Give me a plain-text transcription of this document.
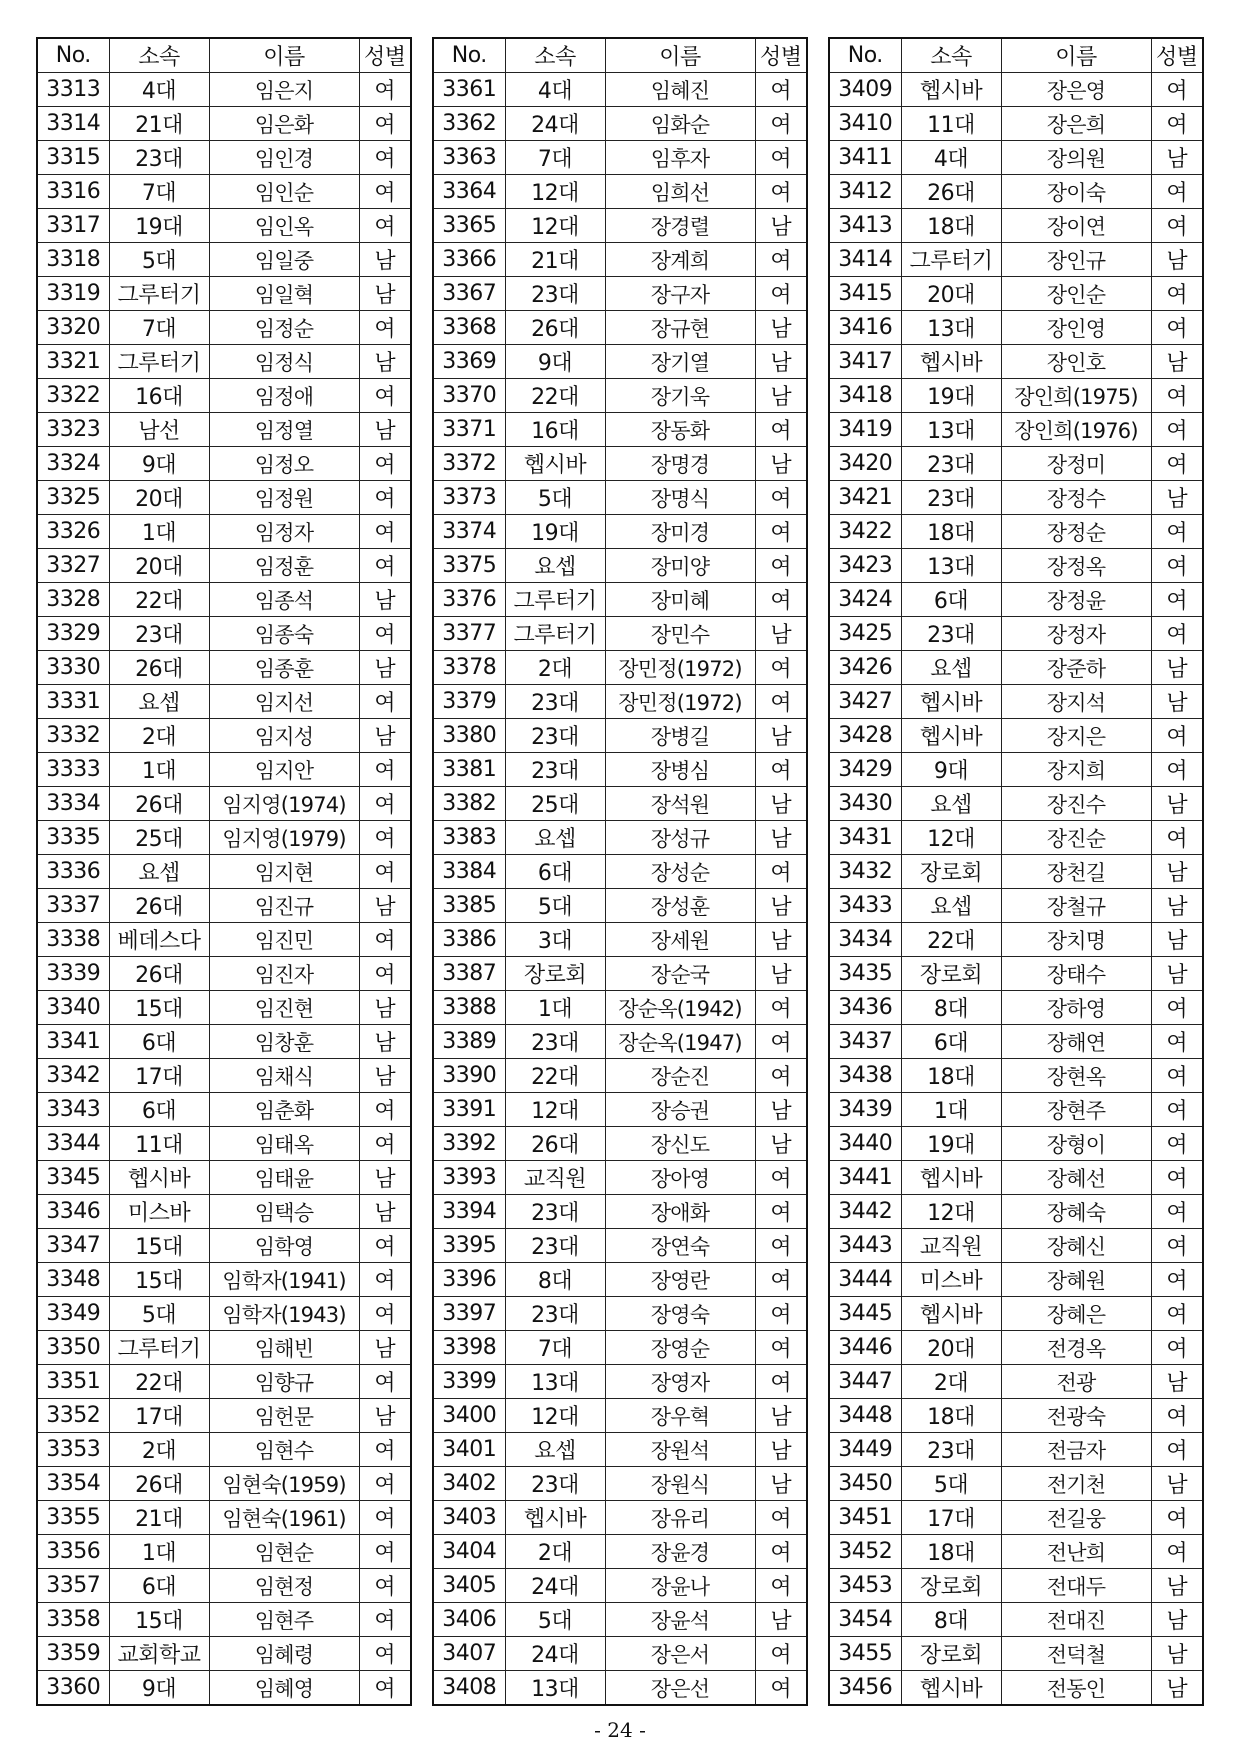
No.	소속	이름	성별
3313	4대	임은지	여
3314	21대	임은화	여
3315	23대	임인경	여
3316	7대	임인순	여
3317	19대	임인옥	여
3318	5대	임일중	남
3319	그루터기	임일혁	남
3320	7대	임정순	여
3321	그루터기	임정식	남
3322	16대	임정애	여
3323	남선	임정열	남
3324	9대	임정오	여
3325	20대	임정원	여
3326	1대	임정자	여
3327	20대	임정훈	여
3328	22대	임종석	남
3329	23대	임종숙	여
3330	26대	임종훈	남
3331	요셉	임지선	여
3332	2대	임지성	남
3333	1대	임지안	여
3334	26대	임지영(1974)	여
3335	25대	임지영(1979)	여
3336	요셉	임지현	여
3337	26대	임진규	남
3338	베데스다	임진민	여
3339	26대	임진자	여
3340	15대	임진현	남
3341	6대	임창훈	남
3342	17대	임채식	남
3343	6대	임춘화	여
3344	11대	임태옥	여
3345	헵시바	임태윤	남
3346	미스바	임택승	남
3347	15대	임학영	여
3348	15대	임학자(1941)	여
3349	5대	임학자(1943)	여
3350	그루터기	임해빈	남
3351	22대	임향규	여
3352	17대	임헌문	남
3353	2대	임현수	여
3354	26대	임현숙(1959)	여
3355	21대	임현숙(1961)	여
3356	1대	임현순	여
3357	6대	임현정	여
3358	15대	임현주	여
3359	교회학교	임혜령	여
3360	9대	임혜영	여
No.	소속	이름	성별
3361	4대	임혜진	여
3362	24대	임화순	여
3363	7대	임후자	여
3364	12대	임희선	여
3365	12대	장경렬	남
3366	21대	장계희	여
3367	23대	장구자	여
3368	26대	장규현	남
3369	9대	장기열	남
3370	22대	장기욱	남
3371	16대	장동화	여
3372	헵시바	장명경	남
3373	5대	장명식	여
3374	19대	장미경	여
3375	요셉	장미양	여
3376	그루터기	장미혜	여
3377	그루터기	장민수	남
3378	2대	장민정(1972)	여
3379	23대	장민정(1972)	여
3380	23대	장병길	남
3381	23대	장병심	여
3382	25대	장석원	남
3383	요셉	장성규	남
3384	6대	장성순	여
3385	5대	장성훈	남
3386	3대	장세원	남
3387	장로회	장순국	남
3388	1대	장순옥(1942)	여
3389	23대	장순옥(1947)	여
3390	22대	장순진	여
3391	12대	장승권	남
3392	26대	장신도	남
3393	교직원	장아영	여
3394	23대	장애화	여
3395	23대	장연숙	여
3396	8대	장영란	여
3397	23대	장영숙	여
3398	7대	장영순	여
3399	13대	장영자	여
3400	12대	장우혁	남
3401	요셉	장원석	남
3402	23대	장원식	남
3403	헵시바	장유리	여
3404	2대	장윤경	여
3405	24대	장윤나	여
3406	5대	장윤석	남
3407	24대	장은서	여
3408	13대	장은선	여
No.	소속	이름	성별
3409	헵시바	장은영	여
3410	11대	장은희	여
3411	4대	장의원	남
3412	26대	장이숙	여
3413	18대	장이연	여
3414	그루터기	장인규	남
3415	20대	장인순	여
3416	13대	장인영	여
3417	헵시바	장인호	남
3418	19대	장인희(1975)	여
3419	13대	장인희(1976)	여
3420	23대	장정미	여
3421	23대	장정수	남
3422	18대	장정순	여
3423	13대	장정옥	여
3424	6대	장정윤	여
3425	23대	장정자	여
3426	요셉	장준하	남
3427	헵시바	장지석	남
3428	헵시바	장지은	여
3429	9대	장지희	여
3430	요셉	장진수	남
3431	12대	장진순	여
3432	장로회	장천길	남
3433	요셉	장철규	남
3434	22대	장치명	남
3435	장로회	장태수	남
3436	8대	장하영	여
3437	6대	장해연	여
3438	18대	장현옥	여
3439	1대	장현주	여
3440	19대	장형이	여
3441	헵시바	장혜선	여
3442	12대	장혜숙	여
3443	교직원	장혜신	여
3444	미스바	장혜원	여
3445	헵시바	장혜은	여
3446	20대	전경옥	여
3447	2대	전광	남
3448	18대	전광숙	여
3449	23대	전금자	여
3450	5대	전기천	남
3451	17대	전길웅	여
3452	18대	전난희	여
3453	장로회	전대두	남
3454	8대	전대진	남
3455	장로회	전덕철	남
3456	헵시바	전동인	남
- 24 -
